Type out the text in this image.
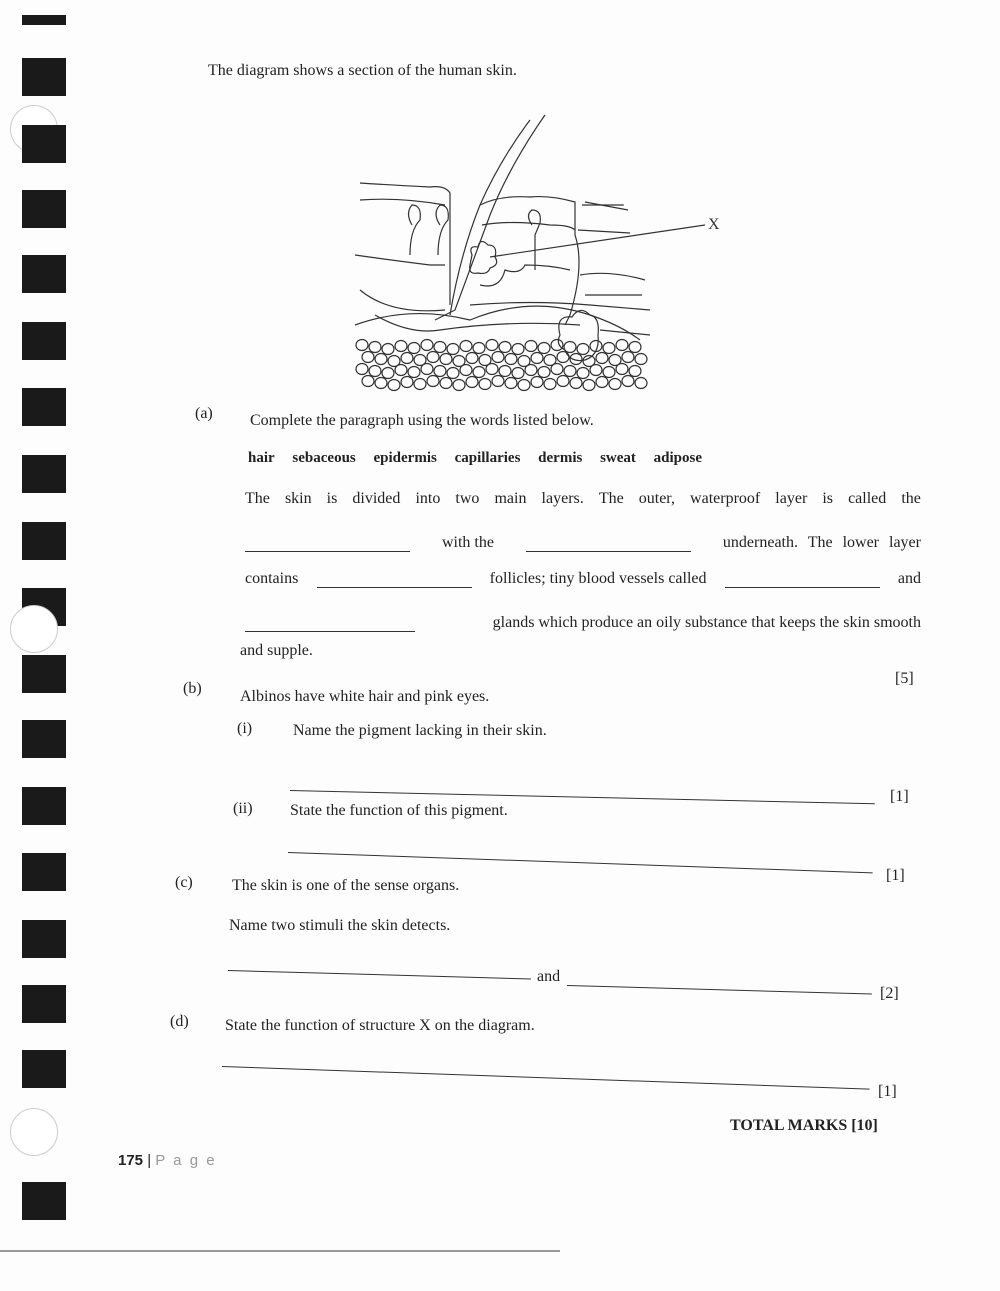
The diagram shows a section of the human skin.
X
(a) Complete the paragraph using the words listed below.
hair sebaceous epidermis capillaries dermis sweat adipose
The skin is divided into two main layers. The outer, waterproof layer is called the
with the	underneath. The lower layer
contains	follicles; tiny blood vessels called	and
glands which produce an oily substance that keeps the skin smooth
and supple.
[5]
(b) Albinos have white hair and pink eyes.
(i)	Name the pigment lacking in their skin.
[1]
(ii) State the function of this pigment.
[1]
(c) The skin is one of the sense organs.
Name two stimuli the skin detects.
and
[2]
(d) State the function of structure X on the diagram.
[1]
TOTAL MARKS [10]
175 | P a g e
